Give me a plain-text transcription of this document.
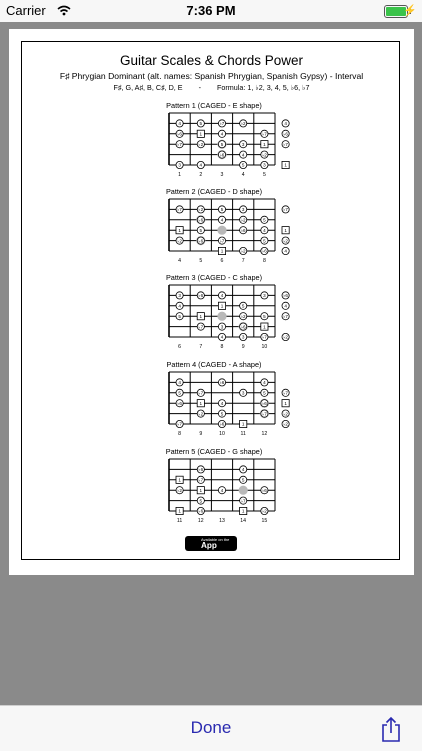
Carrier	7:36 PM	⚡
Guitar Scales & Chords Power
F♯ Phrygian Dominant (alt. names: Spanish Phrygian, Spanish Gypsy) - Interval
F♯, G, A♯, B, C♯, D, E - Formula: 1, ♭2, 3, 4, 5, ♭6, ♭7
Pattern 1 (CAGED - E shape)
4	5	♭7	♭2	4
♭6	1	4	♭7	♭6
♭7	♭2	5	3	1	♭7
♭6	4	♭2
3	4	5	3	1
1	2	3	4	5
Pattern 2 (CAGED - D shape)
♭7	♭2	5	3	♭7
♭6	4	♭2	5
1	5	♭6	4	1
♭2	♭6	♭7	5	♭2
1	♭2	♭6	4
4	5	6	7	8
Pattern 3 (CAGED - C shape)
3	♭6	4	3	♭6
4	1	5	4
5	1	♭2	5	♭7
♭7	3	♭6	1
4	3	♭7	♭2
6	7	8	9	10
Pattern 4 (CAGED - A shape)
4	♭6	4
5	♭7	3	5	♭7
♭6	1	4	♭6	1
♭2	5	♭7	♭2
♭7	♭6	1	♭2
8	9	10	11	12
Pattern 5 (CAGED - G shape)
♭6	4
1	♭7	5
♭2	1	4	♭6
5	♭7
1	♭6	1	♭2
11	12	13	14	15
Available on the
App Store
Done
